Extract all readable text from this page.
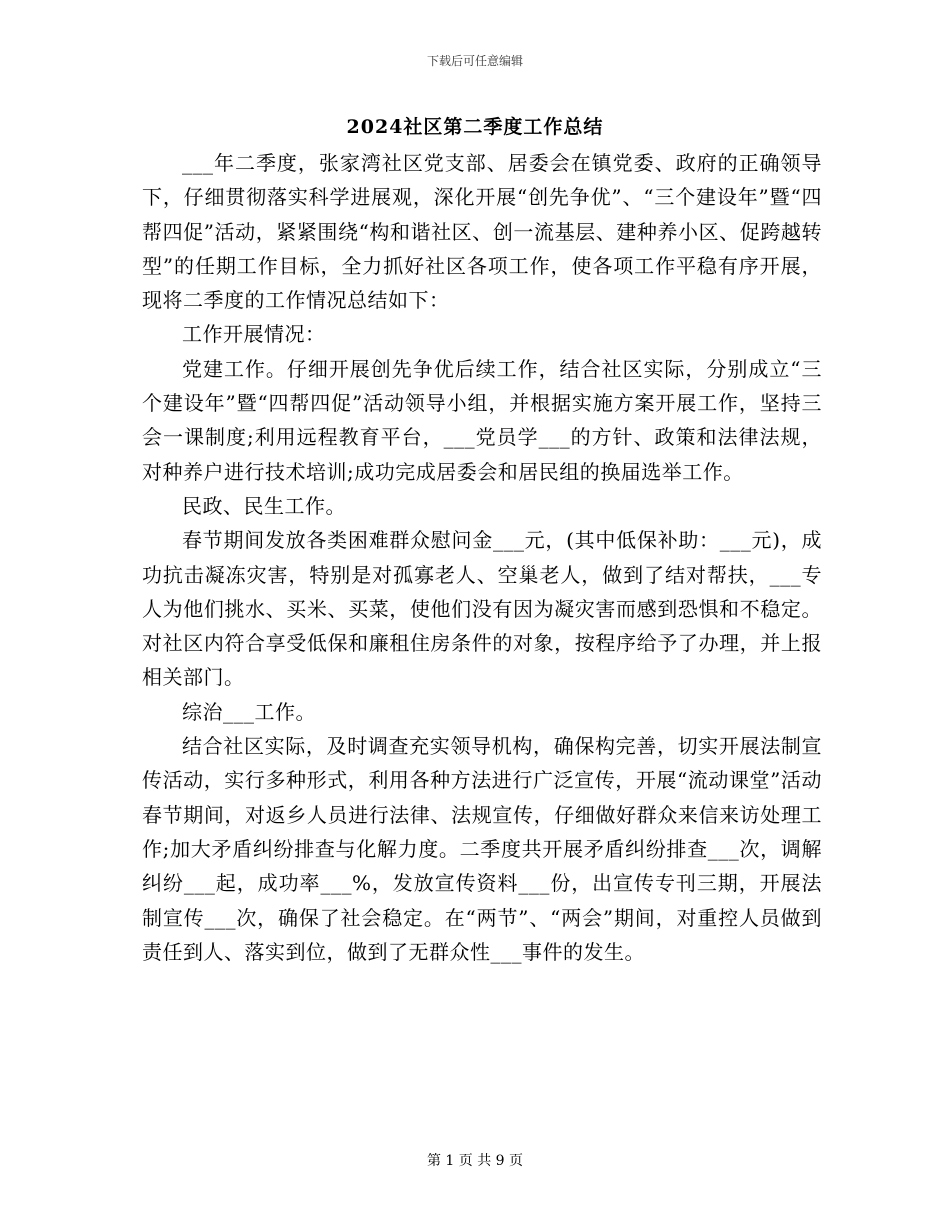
下载后可任意编辑
2024社区第二季度工作总结

___年二季度，张家湾社区党支部、居委会在镇党委、政府的正确领导下，仔细贯彻落实科学进展观，深化开展“创先争优”、“三个建设年”暨“四帮四促”活动，紧紧围绕“构和谐社区、创一流基层、建种养小区、促跨越转型”的任期工作目标，全力抓好社区各项工作，使各项工作平稳有序开展，现将二季度的工作情况总结如下：

工作开展情况：

党建工作。仔细开展创先争优后续工作，结合社区实际，分别成立“三个建设年”暨“四帮四促”活动领导小组，并根据实施方案开展工作，坚持三会一课制度;利用远程教育平台，___党员学___的方针、政策和法律法规，对种养户进行技术培训;成功完成居委会和居民组的换届选举工作。

民政、民生工作。

春节期间发放各类困难群众慰问金___元，(其中低保补助：___元)，成功抗击凝冻灾害，特别是对孤寡老人、空巢老人，做到了结对帮扶，___专人为他们挑水、买米、买菜，使他们没有因为凝灾害而感到恐惧和不稳定。对社区内符合享受低保和廉租住房条件的对象，按程序给予了办理，并上报相关部门。

综治___工作。

结合社区实际，及时调查充实领导机构，确保构完善，切实开展法制宣传活动，实行多种形式，利用各种方法进行广泛宣传，开展“流动课堂”活动春节期间，对返乡人员进行法律、法规宣传，仔细做好群众来信来访处理工作;加大矛盾纠纷排查与化解力度。二季度共开展矛盾纠纷排查___次，调解纠纷___起，成功率___%，发放宣传资料___份，出宣传专刊三期，开展法制宣传___次，确保了社会稳定。在“两节”、“两会”期间，对重控人员做到责任到人、落实到位，做到了无群众性___事件的发生。

第 1 页 共 9 页
